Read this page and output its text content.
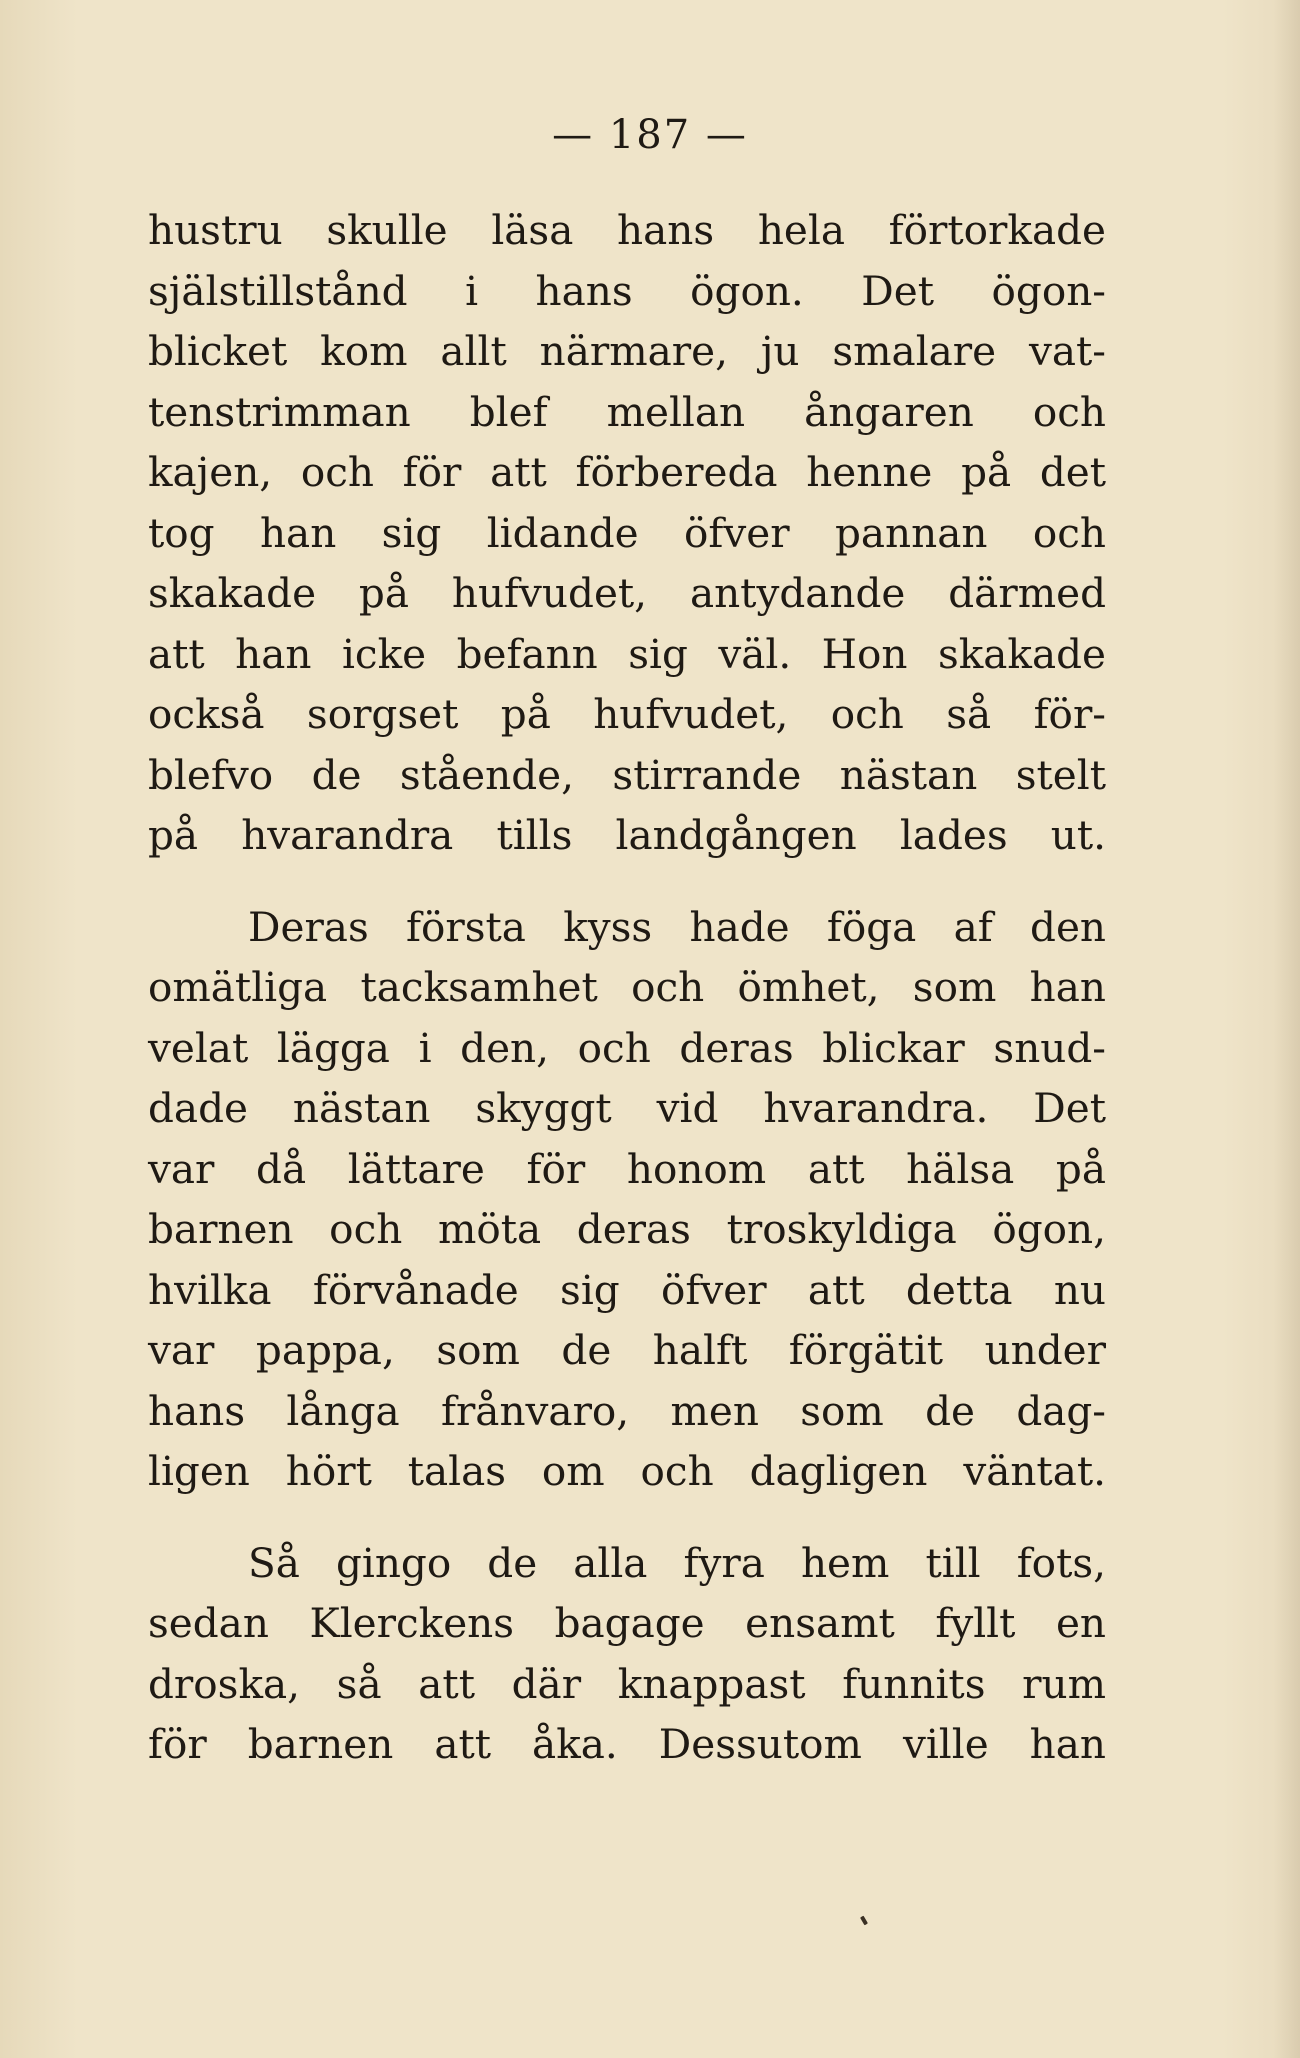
— 187 —

hustru skulle läsa hans hela förtorkade
själstillstånd i hans ögon. Det ögon-
blicket kom allt närmare, ju smalare vat-
tenstrimman blef mellan ångaren och
kajen, och för att förbereda henne på det
tog han sig lidande öfver pannan och
skakade på hufvudet, antydande därmed
att han icke befann sig väl. Hon skakade
också sorgset på hufvudet, och så för-
blefvo de stående, stirrande nästan stelt
på hvarandra tills landgången lades ut.

Deras första kyss hade föga af den
omätliga tacksamhet och ömhet, som han
velat lägga i den, och deras blickar snud-
dade nästan skyggt vid hvarandra. Det
var då lättare för honom att hälsa på
barnen och möta deras troskyldiga ögon,
hvilka förvånade sig öfver att detta nu
var pappa, som de halft förgätit under
hans långa frånvaro, men som de dag-
ligen hört talas om och dagligen väntat.

Så gingo de alla fyra hem till fots,
sedan Klerckens bagage ensamt fyllt en
droska, så att där knappast funnits rum
för barnen att åka. Dessutom ville han
